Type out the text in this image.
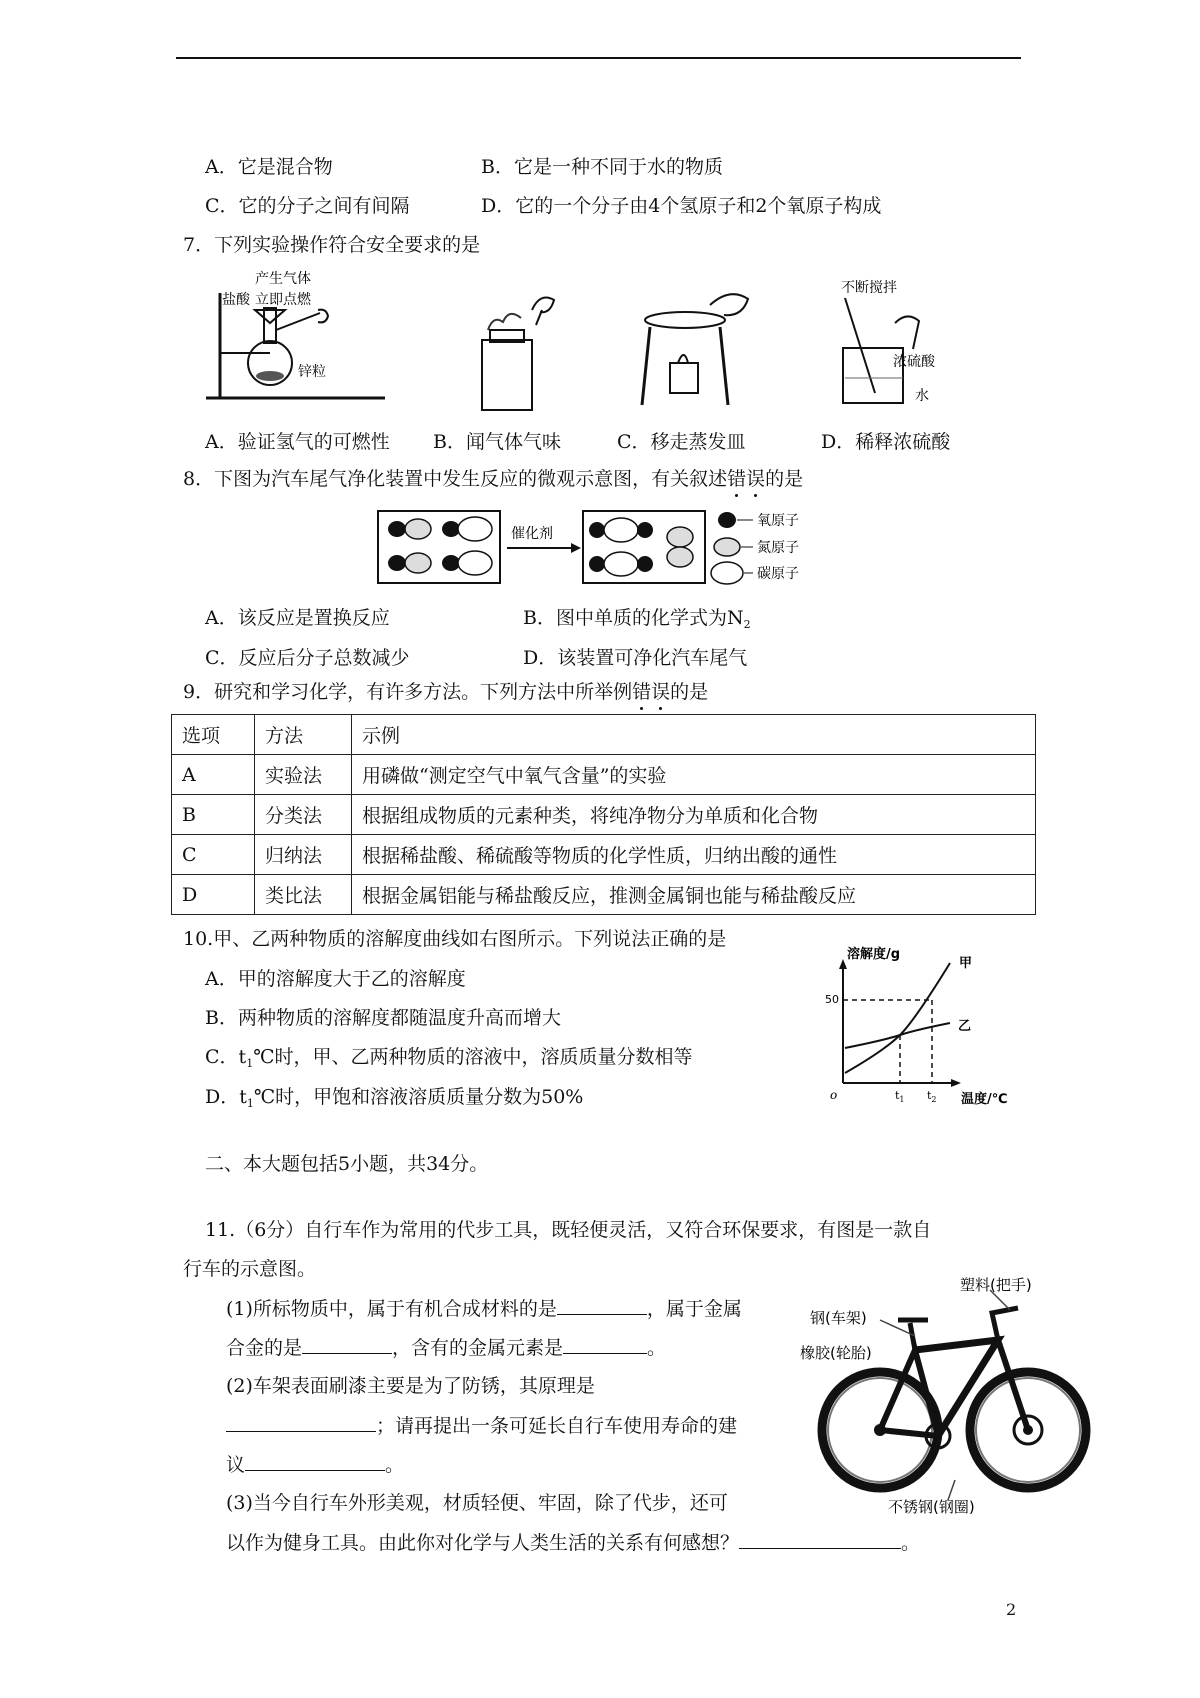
A．它是混合物	B．它是一种不同于水的物质
C．它的分子之间有间隔	D．它的一个分子由4个氢原子和2个氧原子构成
7．下列实验操作符合安全要求的是
产生气体
盐酸 立即点燃
锌粒
不断搅拌
浓硫酸
水
A．验证氢气的可燃性 B．闻气体气味	C．移走蒸发皿	D．稀释浓硫酸
8．下图为汽车尾气净化装置中发生反应的微观示意图，有关叙述错误的是
催化剂
氧原子
氮原子
碳原子
A．该反应是置换反应	B．图中单质的化学式为$N_2$
C．反应后分子总数减少	D．该装置可净化汽车尾气
9．研究和学习化学，有许多方法。下列方法中所举例错误的是
选项	方法	示例
A	实验法	用磷做“测定空气中氧气含量”的实验
B	分类法	根据组成物质的元素种类，将纯净物分为单质和化合物
C	归纳法	根据稀盐酸、稀硫酸等物质的化学性质，归纳出酸的通性
D	类比法	根据金属铝能与稀盐酸反应，推测金属铜也能与稀盐酸反应
10.甲、乙两种物质的溶解度曲线如右图所示。下列说法正确的是
A．甲的溶解度大于乙的溶解度
B．两种物质的溶解度都随温度升高而增大
C．$t_1℃$时，甲、乙两种物质的溶液中，溶质质量分数相等
D．$t_1℃$时，甲饱和溶液溶质质量分数为50%
溶解度/g
温度/℃
50
o
甲
乙
$t_1$ $t_2$
二、本大题包括5小题，共34分。
11.（6分）自行车作为常用的代步工具，既轻便灵活，又符合环保要求，有图是一款自
行车的示意图。
(1)所标物质中，属于有机合成材料的是	，属于金属
合金的是	，含有的金属元素是	。
(2)车架表面刷漆主要是为了防锈，其原理是
；请再提出一条可延长自行车使用寿命的建
议	。
(3)当今自行车外形美观，材质轻便、牢固，除了代步，还可
以作为健身工具。由此你对化学与人类生活的关系有何感想？	。
塑料(把手)
钢(车架)
橡胶(轮胎)
不锈钢(钢圈)
2
